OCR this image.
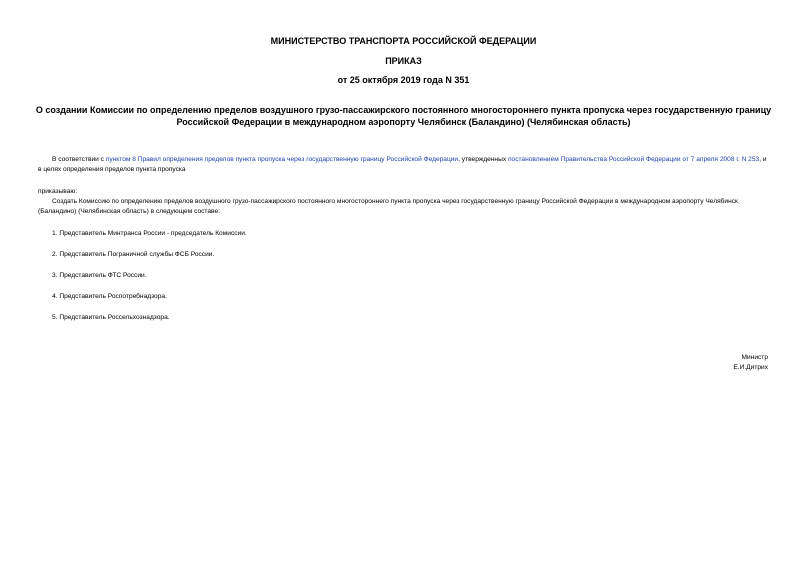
МИНИСТЕРСТВО ТРАНСПОРТА РОССИЙСКОЙ ФЕДЕРАЦИИ
ПРИКАЗ
от 25 октября 2019 года N 351
О создании Комиссии по определению пределов воздушного грузо-пассажирского постоянного многостороннего пункта пропуска через государственную границу Российской Федерации в международном аэропорту Челябинск (Баландино) (Челябинская область)
В соответствии с пунктом 8 Правил определения пределов пункта пропуска через государственную границу Российской Федерации, утвержденных постановлением Правительства Российской Федерации от 7 апреля 2008 г. N 253, и в целях определения пределов пункта пропуска
приказываю:
Создать Комиссию по определению пределов воздушного грузо-пассажирского постоянного многостороннего пункта пропуска через государственную границу Российской Федерации в международном аэропорту Челябинск (Баландино) (Челябинская область) в следующем составе:
1. Представитель Минтранса России - председатель Комиссии.
2. Представитель Пограничной службы ФСБ России.
3. Представитель ФТС России.
4. Представитель Роспотребнадзора.
5. Представитель Россельхознадзора.
Министр
Е.И.Дитрих
